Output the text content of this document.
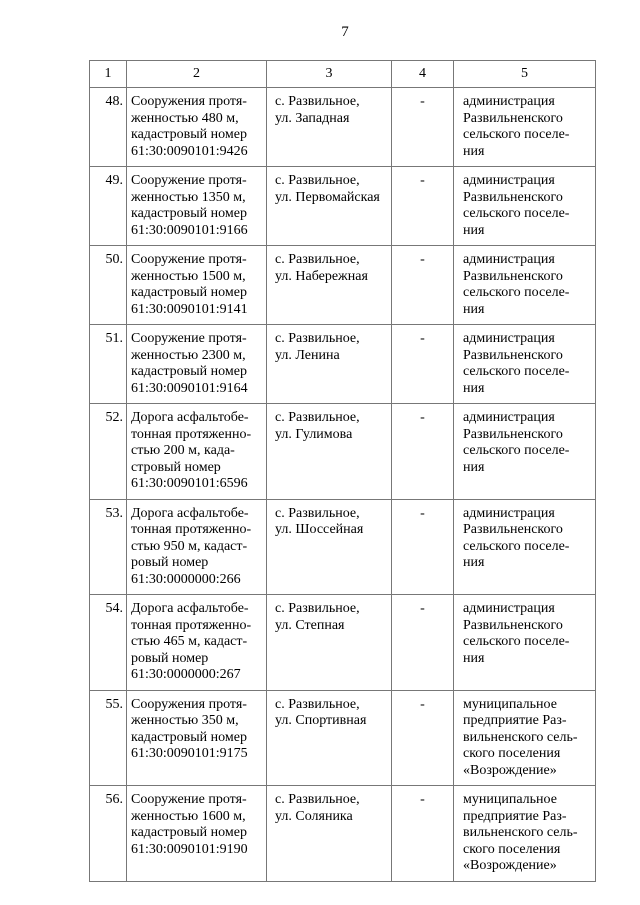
7
1	2	3	4	5
48.	Сооружения протя-
женностью 480 м,
кадастровый номер
61:30:0090101:9426	с. Развильное,
ул. Западная	-	администрация
Развильненского
сельского поселе-
ния

49.	Сооружение протя-
женностью 1350 м,
кадастровый номер
61:30:0090101:9166	с. Развильное,
ул. Первомайская	-	администрация
Развильненского
сельского поселе-
ния

50.	Сооружение протя-
женностью 1500 м,
кадастровый номер
61:30:0090101:9141	с. Развильное,
ул. Набережная	-	администрация
Развильненского
сельского поселе-
ния

51.	Сооружение протя-
женностью 2300 м,
кадастровый номер
61:30:0090101:9164	с. Развильное,
ул. Ленина	-	администрация
Развильненского
сельского поселе-
ния

52.	Дорога асфальтобе-
тонная протяженно-
стью 200 м, када-
стровый номер
61:30:0090101:6596	с. Развильное,
ул. Гулимова	-	администрация
Развильненского
сельского поселе-
ния

53.	Дорога асфальтобе-
тонная протяженно-
стью 950 м, кадаст-
ровый номер
61:30:0000000:266	с. Развильное,
ул. Шоссейная	-	администрация
Развильненского
сельского поселе-
ния

54.	Дорога асфальтобе-
тонная протяженно-
стью 465 м, кадаст-
ровый номер
61:30:0000000:267	с. Развильное,
ул. Степная	-	администрация
Развильненского
сельского поселе-
ния

55.	Сооружения протя-
женностью 350 м,
кадастровый номер
61:30:0090101:9175	с. Развильное,
ул. Спортивная	-	муниципальное
предприятие Раз-
вильненского сель-
ского поселения
«Возрождение»

56.	Сооружение протя-
женностью 1600 м,
кадастровый номер
61:30:0090101:9190	с. Развильное,
ул. Соляника	-	муниципальное
предприятие Раз-
вильненского сель-
ского поселения
«Возрождение»
